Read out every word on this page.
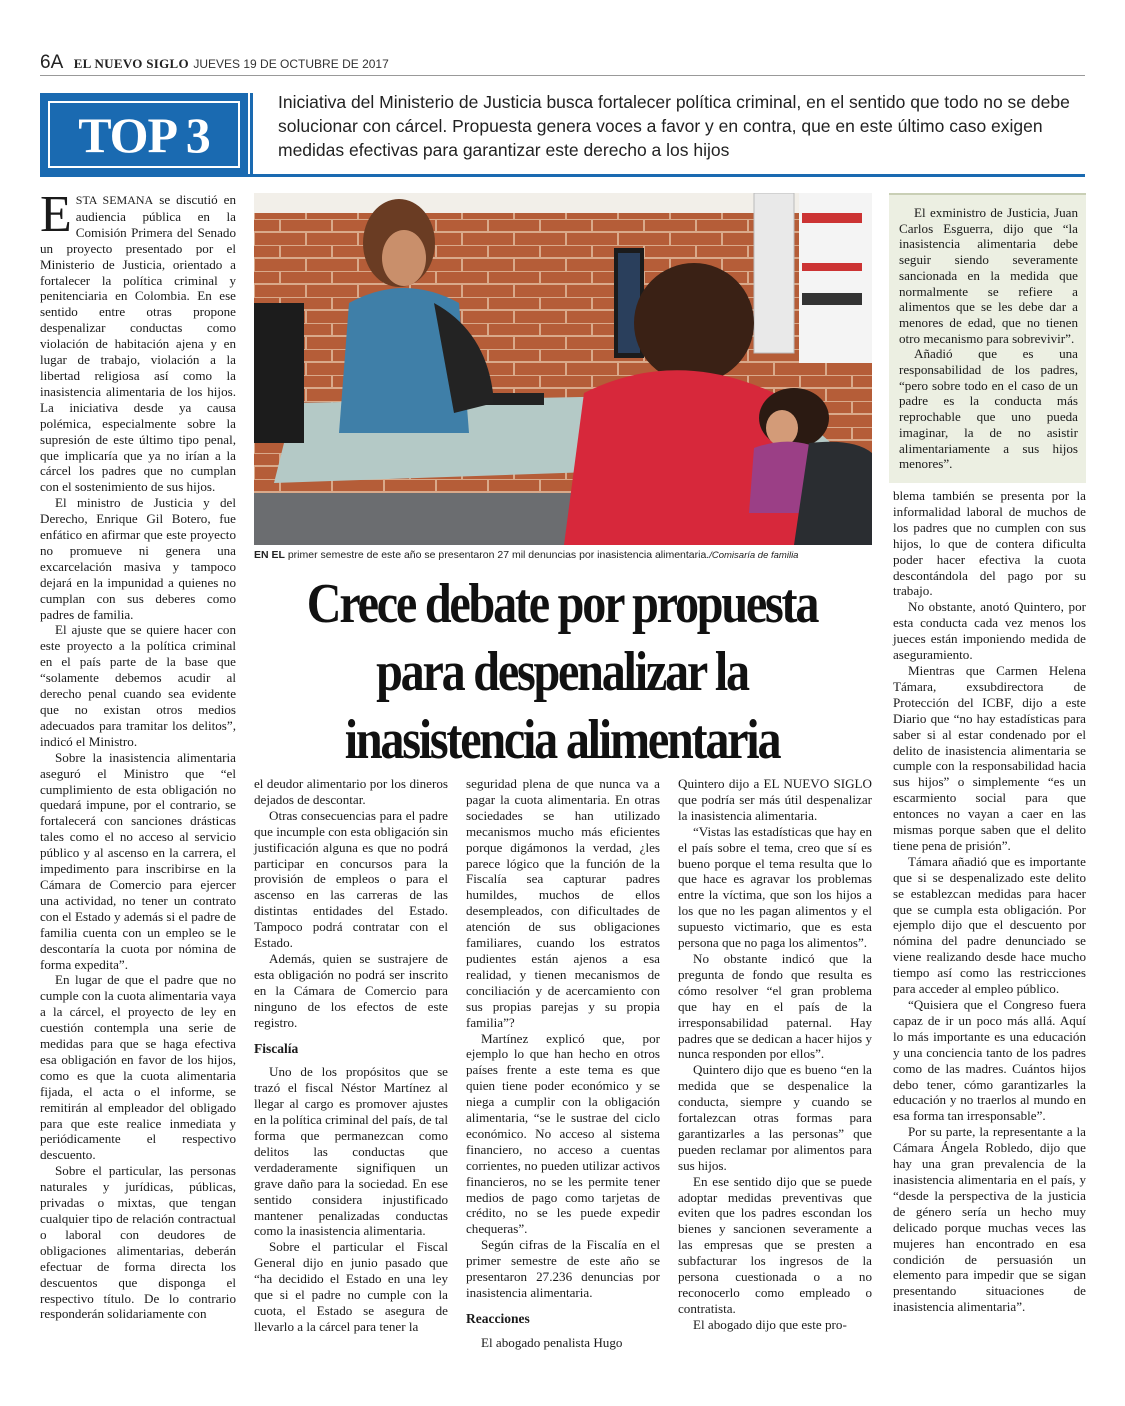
6A EL NUEVO SIGLO JUEVES 19 DE OCTUBRE DE 2017
TOP 3
Iniciativa del Ministerio de Justicia busca fortalecer política criminal, en el sentido que todo no se debe solucionar con cárcel. Propuesta genera voces a favor y en contra, que en este último caso exigen medidas efectivas para garantizar este derecho a los hijos

ESTA SEMANA se discutió en audiencia pública en la Comisión Primera del Senado un proyecto presentado por el Ministerio de Justicia, orientado a fortalecer la política criminal y penitenciaria en Colombia. En ese sentido entre otras propone despenalizar conductas como violación de habitación ajena y en lugar de trabajo, violación a la libertad religiosa así como la inasistencia alimentaria de los hijos. La iniciativa desde ya causa polémica, especialmente sobre la supresión de este último tipo penal, que implicaría que ya no irían a la cárcel los padres que no cumplan con el sostenimiento de sus hijos.

El ministro de Justicia y del Derecho, Enrique Gil Botero, fue enfático en afirmar que este proyecto no promueve ni genera una excarcelación masiva y tampoco dejará en la impunidad a quienes no cumplan con sus deberes como padres de familia.

El ajuste que se quiere hacer con este proyecto a la política criminal en el país parte de la base que “solamente debemos acudir al derecho penal cuando sea evidente que no existan otros medios adecuados para tramitar los delitos”, indicó el Ministro.

Sobre la inasistencia alimentaria aseguró el Ministro que “el cumplimiento de esta obligación no quedará impune, por el contrario, se fortalecerá con sanciones drásticas tales como el no acceso al servicio público y al ascenso en la carrera, el impedimento para inscribirse en la Cámara de Comercio para ejercer una actividad, no tener un contrato con el Estado y además si el padre de familia cuenta con un empleo se le descontaría la cuota por nómina de forma expedita”.

En lugar de que el padre que no cumple con la cuota alimentaria vaya a la cárcel, el proyecto de ley en cuestión contempla una serie de medidas para que se haga efectiva esa obligación en favor de los hijos, como es que la cuota alimentaria fijada, el acta o el informe, se remitirán al empleador del obligado para que este realice inmediata y periódicamente el respectivo descuento.

Sobre el particular, las personas naturales y jurídicas, públicas, privadas o mixtas, que tengan cualquier tipo de relación contractual o laboral con deudores de obligaciones alimentarias, deberán efectuar de forma directa los descuentos que disponga el respectivo título. De lo contrario responderán solidariamente con

EN EL primer semestre de este año se presentaron 27 mil denuncias por inasistencia alimentaria./Comisaría de familia
Crece debate por propuesta para despenalizar la inasistencia alimentaria

el deudor alimentario por los dineros dejados de descontar.

Otras consecuencias para el padre que incumple con esta obligación sin justificación alguna es que no podrá participar en concursos para la provisión de empleos o para el ascenso en las carreras de las distintas entidades del Estado. Tampoco podrá contratar con el Estado.

Además, quien se sustrajere de esta obligación no podrá ser inscrito en la Cámara de Comercio para ninguno de los efectos de este registro.

Fiscalía

Uno de los propósitos que se trazó el fiscal Néstor Martínez al llegar al cargo es promover ajustes en la política criminal del país, de tal forma que permanezcan como delitos las conductas que verdaderamente signifiquen un grave daño para la sociedad. En ese sentido considera injustificado mantener penalizadas conductas como la inasistencia alimentaria.

Sobre el particular el Fiscal General dijo en junio pasado que “ha decidido el Estado en una ley que si el padre no cumple con la cuota, el Estado se asegura de llevarlo a la cárcel para tener la

seguridad plena de que nunca va a pagar la cuota alimentaria. En otras sociedades se han utilizado mecanismos mucho más eficientes porque digámonos la verdad, ¿les parece lógico que la función de la Fiscalía sea capturar padres humildes, muchos de ellos desempleados, con dificultades de atención de sus obligaciones familiares, cuando los estratos pudientes están ajenos a esa realidad, y tienen mecanismos de conciliación y de acercamiento con sus propias parejas y su propia familia”?

Martínez explicó que, por ejemplo lo que han hecho en otros países frente a este tema es que quien tiene poder económico y se niega a cumplir con la obligación alimentaria, “se le sustrae del ciclo económico. No acceso al sistema financiero, no acceso a cuentas corrientes, no pueden utilizar activos financieros, no se les permite tener medios de pago como tarjetas de crédito, no se les puede expedir chequeras”.

Según cifras de la Fiscalía en el primer semestre de este año se presentaron 27.236 denuncias por inasistencia alimentaria.

Reacciones

El abogado penalista Hugo

Quintero dijo a EL NUEVO SIGLO que podría ser más útil despenalizar la inasistencia alimentaria.

“Vistas las estadísticas que hay en el país sobre el tema, creo que sí es bueno porque el tema resulta que lo que hace es agravar los problemas entre la víctima, que son los hijos a los que no les pagan alimentos y el supuesto victimario, que es esta persona que no paga los alimentos”.

No obstante indicó que la pregunta de fondo que resulta es cómo resolver “el gran problema que hay en el país de la irresponsabilidad paternal. Hay padres que se dedican a hacer hijos y nunca responden por ellos”.

Quintero dijo que es bueno “en la medida que se despenalice la conducta, siempre y cuando se fortalezcan otras formas para garantizarles a las personas” que pueden reclamar por alimentos para sus hijos.

En ese sentido dijo que se puede adoptar medidas preventivas que eviten que los padres escondan los bienes y sancionen severamente a las empresas que se presten a subfacturar los ingresos de la persona cuestionada o a no reconocerlo como empleado o contratista.

El abogado dijo que este pro-

El exministro de Justicia, Juan Carlos Esguerra, dijo que “la inasistencia alimentaria debe seguir siendo severamente sancionada en la medida que normalmente se refiere a alimentos que se les debe dar a menores de edad, que no tienen otro mecanismo para sobrevivir”.

Añadió que es una responsabilidad de los padres, “pero sobre todo en el caso de un padre es la conducta más reprochable que uno pueda imaginar, la de no asistir alimentariamente a sus hijos menores”.

blema también se presenta por la informalidad laboral de muchos de los padres que no cumplen con sus hijos, lo que de contera dificulta poder hacer efectiva la cuota descontándola del pago por su trabajo.

No obstante, anotó Quintero, por esta conducta cada vez menos los jueces están imponiendo medida de aseguramiento.

Mientras que Carmen Helena Támara, exsubdirectora de Protección del ICBF, dijo a este Diario que “no hay estadísticas para saber si al estar condenado por el delito de inasistencia alimentaria se cumple con la responsabilidad hacia sus hijos” o simplemente “es un escarmiento social para que entonces no vayan a caer en las mismas porque saben que el delito tiene pena de prisión”.

Támara añadió que es importante que si se despenalizado este delito se establezcan medidas para hacer que se cumpla esta obligación. Por ejemplo dijo que el descuento por nómina del padre denunciado se viene realizando desde hace mucho tiempo así como las restricciones para acceder al empleo público.

“Quisiera que el Congreso fuera capaz de ir un poco más allá. Aquí lo más importante es una educación y una conciencia tanto de los padres como de las madres. Cuántos hijos debo tener, cómo garantizarles la educación y no traerlos al mundo en esa forma tan irresponsable”.

Por su parte, la representante a la Cámara Ángela Robledo, dijo que hay una gran prevalencia de la inasistencia alimentaria en el país, y “desde la perspectiva de la justicia de género sería un hecho muy delicado porque muchas veces las mujeres han encontrado en esa condición de persuasión un elemento para impedir que se sigan presentando situaciones de inasistencia alimentaria”.
